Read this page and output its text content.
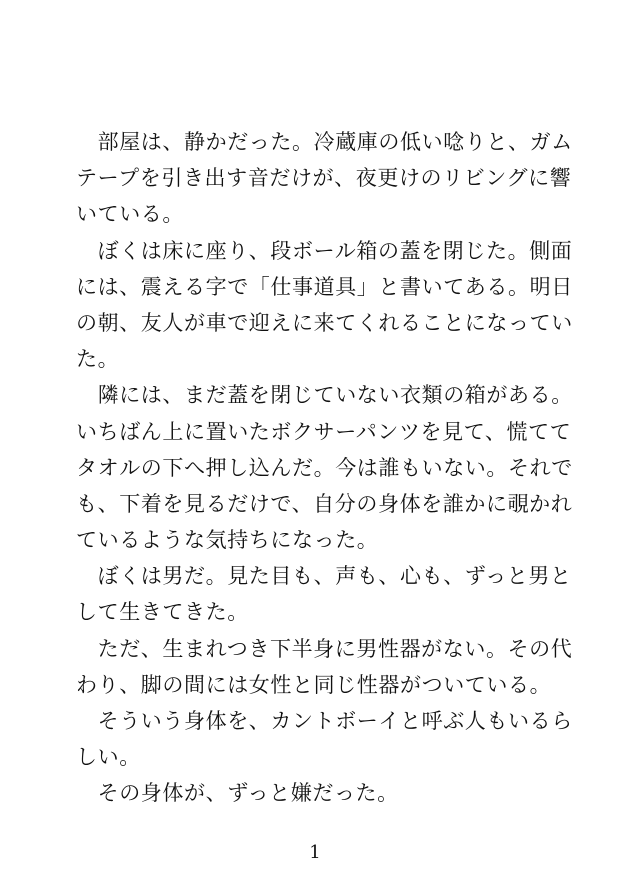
　部屋は、静かだった。冷蔵庫の低い唸りと、ガム
テープを引き出す音だけが、夜更けのリビングに響
いている。
　ぼくは床に座り、段ボール箱の蓋を閉じた。側面
には、震える字で「仕事道具」と書いてある。明日
の朝、友人が車で迎えに来てくれることになってい
た。
　隣には、まだ蓋を閉じていない衣類の箱がある。
いちばん上に置いたボクサーパンツを見て、慌てて
タオルの下へ押し込んだ。今は誰もいない。それで
も、下着を見るだけで、自分の身体を誰かに覗かれ
ているような気持ちになった。
　ぼくは男だ。見た目も、声も、心も、ずっと男と
して生きてきた。
　ただ、生まれつき下半身に男性器がない。その代
わり、脚の間には女性と同じ性器がついている。
　そういう身体を、カントボーイと呼ぶ人もいるら
しい。
　その身体が、ずっと嫌だった。
1
